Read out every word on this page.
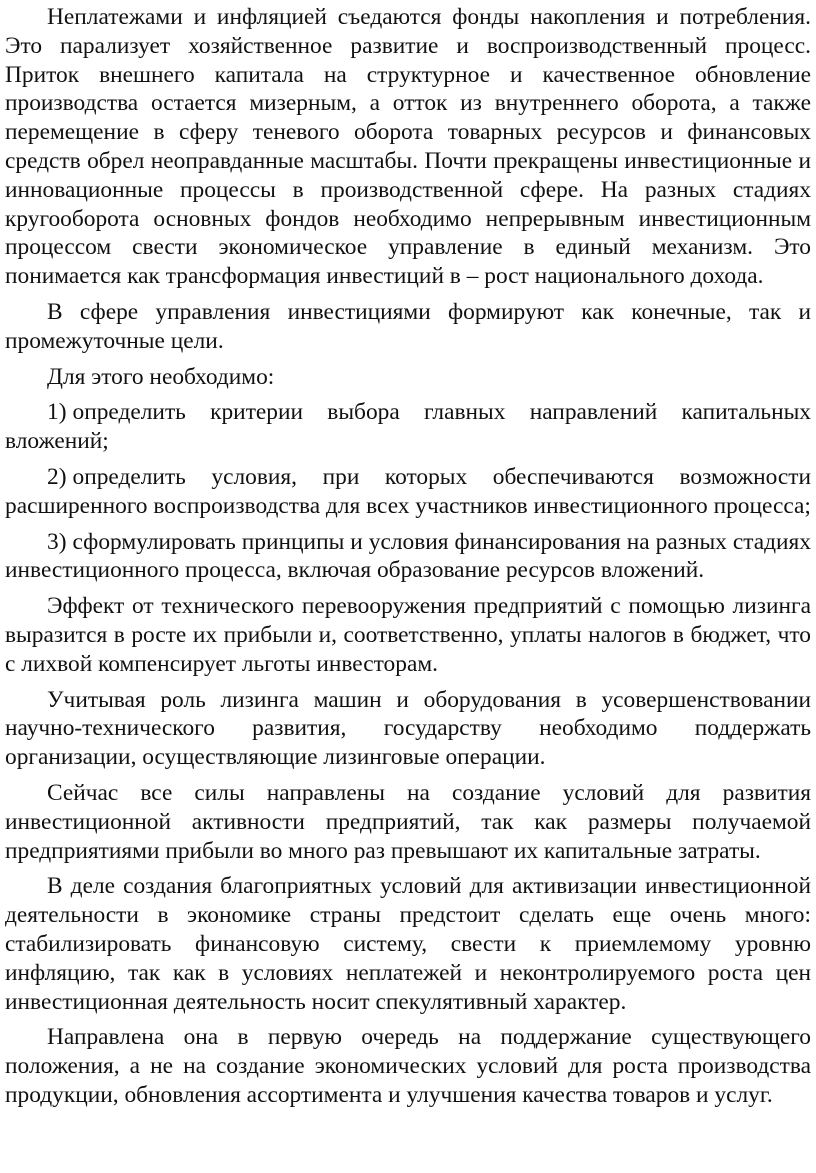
Неплатежами и инфляцией съедаются фонды накопления и потребления. Это парализует хозяйственное развитие и воспроизводственный процесс. Приток внешнего капитала на структурное и качественное обновление производства остается мизерным, а отток из внутреннего оборота, а также перемещение в сферу теневого оборота товарных ресурсов и финансовых средств обрел неоправданные масштабы. Почти прекращены инвестиционные и инновационные процессы в производственной сфере. На разных стадиях кругооборота основных фондов необходимо непрерывным инвестиционным процессом свести экономическое управление в единый механизм. Это понимается как трансформация инвестиций в – рост национального дохода.

В сфере управления инвестициями формируют как конечные, так и промежуточные цели.

Для этого необходимо:

1) определить критерии выбора главных направлений капитальных вложений;

2) определить условия, при которых обеспечиваются возможности расширенного воспроизводства для всех участников инвестиционного процесса;

3) сформулировать принципы и условия финансирования на разных стадиях инвестиционного процесса, включая образование ресурсов вложений.

Эффект от технического перевооружения предприятий с помощью лизинга выразится в росте их прибыли и, соответственно, уплаты налогов в бюджет, что с лихвой компенсирует льготы инвесторам.

Учитывая роль лизинга машин и оборудования в усовершенствовании научно-технического развития, государству необходимо поддержать организации, осуществляющие лизинговые операции.

Сейчас все силы направлены на создание условий для развития инвестиционной активности предприятий, так как размеры получаемой предприятиями прибыли во много раз превышают их капитальные затраты.

В деле создания благоприятных условий для активизации инвестиционной деятельности в экономике страны предстоит сделать еще очень много: стабилизировать финансовую систему, свести к приемлемому уровню инфляцию, так как в условиях неплатежей и неконтролируемого роста цен инвестиционная деятельность носит спекулятивный характер.

Направлена она в первую очередь на поддержание существующего положения, а не на создание экономических условий для роста производства продукции, обновления ассортимента и улучшения качества товаров и услуг.
